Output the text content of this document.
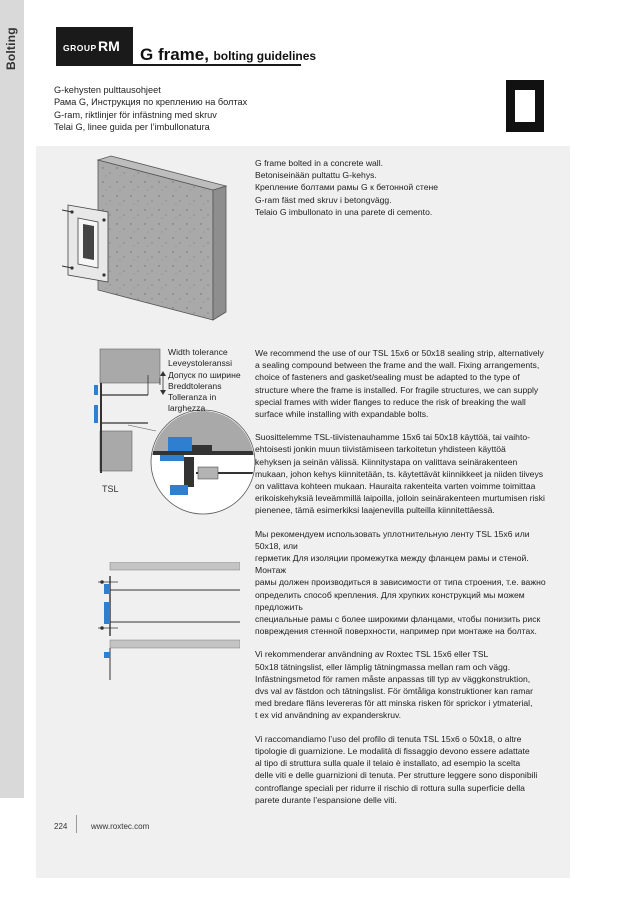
Bolting	GROUP RM G frame, bolting guidelines
G-kehysten pulttausohjeet
Рама G, Инструкция по креплению на болтах
G-ram, riktlinjer för infästning med skruv
Telai G, linee guida per l’imbullonatura
G frame bolted in a concrete wall.
Betoniseinään pultattu G-kehys.
Крепление болтами рамы G к бетонной стене
G-ram fäst med skruv i betongvägg.
Telaio G imbullonato in una parete di cemento.
Width tolerance
Leveystoleranssi
Допуск по ширине
Breddtolerans
Tolleranza in
larghezza
TSL

We recommend the use of our TSL 15x6 or 50x18 sealing strip, alternatively
a sealing compound between the frame and the wall. Fixing arrangements,
choice of fasteners and gasket/sealing must be adapted to the type of
structure where the frame is installed. For fragile structures, we can supply
special frames with wider flanges to reduce the risk of breaking the wall
surface while installing with expandable bolts.

Suosittelemme TSL-tiivistenauhamme 15x6 tai 50x18 käyttöä, tai vaihto-
ehtoisesti jonkin muun tiivistämiseen tarkoitetun yhdisteen käyttöä
kehyksen ja seinän välissä. Kiinnitystapa on valittava seinärakenteen
mukaan, johon kehys kiinnitetään, ts. käytettävät kiinnikkeet ja niiden tiiveys
on valittava kohteen mukaan. Hauraita rakenteita varten voimme toimittaa
erikoiskehyksiä leveämmillä laipoilla, jolloin seinärakenteen murtumisen riski
pienenee, tämä esimerkiksi laajenevilla pulteilla kiinnitettäessä.

Мы рекомендуем использовать уплотнительную ленту TSL 15x6 или 50x18, или
герметик Для изоляции промежутка между фланцем рамы и стеной. Монтаж
рамы должен производиться в зависимости от типа строения, т.е. важно
определить способ крепления. Для хрупких конструкций мы можем предложить
специальные рамы с более широкими фланцами, чтобы понизить риск
повреждения стенной поверхности, например при монтаже на болтах.

Vi rekommenderar användning av Roxtec TSL 15x6 eller TSL
50x18 tätningslist, eller lämplig tätningmassa mellan ram och vägg.
Infästningsmetod för ramen måste anpassas till typ av väggkonstruktion,
dvs val av fästdon och tätningslist. För ömtåliga konstruktioner kan ramar
med bredare fläns levereras för att minska risken för sprickor i ytmaterial,
t ex vid användning av expanderskruv.

Vi raccomandiamo l’uso del profilo di tenuta TSL 15x6 o 50x18, o altre
tipologie di guarnizione. Le modalità di fissaggio devono essere adattate
al tipo di struttura sulla quale il telaio è installato, ad esempio la scelta
delle viti e delle guarnizioni di tenuta. Per strutture leggere sono disponibili
controflange speciali per ridurre il rischio di rottura sulla superficie della
parete durante l’espansione delle viti.

224	www.roxtec.com
